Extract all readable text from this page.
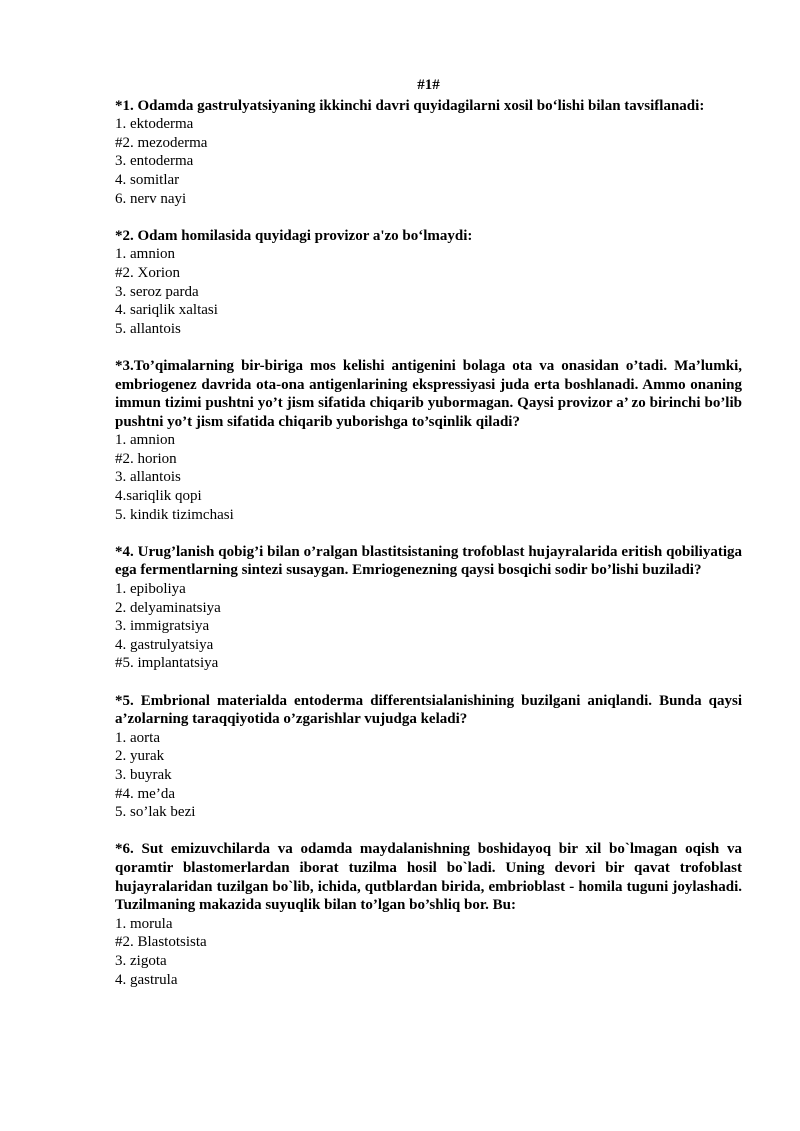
#1#

*1. Odamda gastrulyatsiyaning ikkinchi davri quyidagilarni xosil bo‘lishi bilan tavsiflanadi:

1. ektoderma
#2. mezoderma
3. entoderma
4. somitlar
6. nerv nayi

*2. Odam homilasida quyidagi provizor a'zo bo‘lmaydi:

1. amnion
#2. Xorion
3. seroz parda
4. sariqlik xaltasi
5. allantois

*3.To’qimalarning bir-biriga mos kelishi antigenini bolaga ota va onasidan o’tadi. Ma’lumki, embriogenez davrida ota-ona antigenlarining ekspressiyasi juda erta boshlanadi. Ammo onaning immun tizimi pushtni yo’t jism sifatida chiqarib yubormagan. Qaysi provizor a’ zo birinchi bo’lib pushtni yo’t jism sifatida chiqarib yuborishga to’sqinlik qiladi?

1. amnion
#2. horion
3. allantois
4.sariqlik qopi
5. kindik tizimchasi

*4. Urug’lanish qobig’i bilan o’ralgan blastitsistaning trofoblast hujayralarida eritish qobiliyatiga ega fermentlarning sintezi susaygan. Emriogenezning qaysi bosqichi sodir bo’lishi buziladi?

1. epiboliya
2. delyaminatsiya
3. immigratsiya
4. gastrulyatsiya
#5. implantatsiya

*5. Embrional materialda entoderma differentsialanishining buzilgani aniqlandi. Bunda qaysi a’zolarning taraqqiyotida o’zgarishlar vujudga keladi?

1. aorta
2. yurak
3. buyrak
#4. me’da
5. so’lak bezi

*6. Sut emizuvchilarda va odamda maydalanishning boshidayoq bir xil bo`lmagan oqish va qoramtir blastomerlardan iborat tuzilma hosil bo`ladi. Uning devori bir qavat trofoblast hujayralaridan tuzilgan bo`lib, ichida, qutblardan birida, embrioblast - homila tuguni joylashadi. Tuzilmaning makazida suyuqlik bilan to’lgan bo’shliq bor. Bu:

1. morula
#2. Blastotsista
3. zigota
4. gastrula
